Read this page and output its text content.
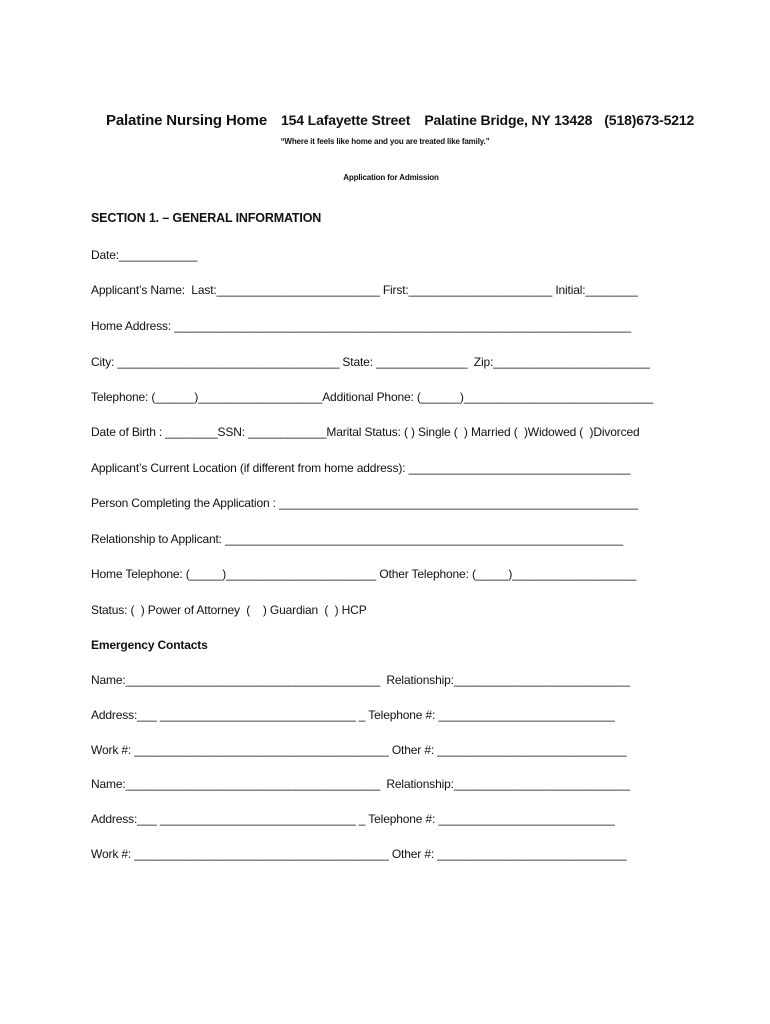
Palatine Nursing Home 154 Lafayette Street Palatine Bridge, NY 13428 (518)673-5212

“Where it feels like home and you are treated like family.”
Application for Admission
SECTION 1. – GENERAL INFORMATION
Date:____________
Applicant’s Name:  Last:_________________________ First:______________________ Initial:________
Home Address: ______________________________________________________________________
City: __________________________________ State: ______________  Zip:________________________
Telephone: (______)___________________Additional Phone: (______)_____________________________
Date of Birth : ________SSN: ____________Marital Status: ( ) Single (  ) Married (  )Widowed (  )Divorced
Applicant’s Current Location (if different from home address): __________________________________
Person Completing the Application : _______________________________________________________
Relationship to Applicant: _____________________________________________________________
Home Telephone: (_____)_______________________ Other Telephone: (_____)___________________
Status: (  ) Power of Attorney  (    ) Guardian  (  ) HCP
Emergency Contacts
Name:_______________________________________  Relationship:___________________________
Address:___ ______________________________ _ Telephone #: ___________________________
Work #: _______________________________________ Other #: _____________________________
Name:_______________________________________  Relationship:___________________________
Address:___ ______________________________ _ Telephone #: ___________________________
Work #: _______________________________________ Other #: _____________________________
